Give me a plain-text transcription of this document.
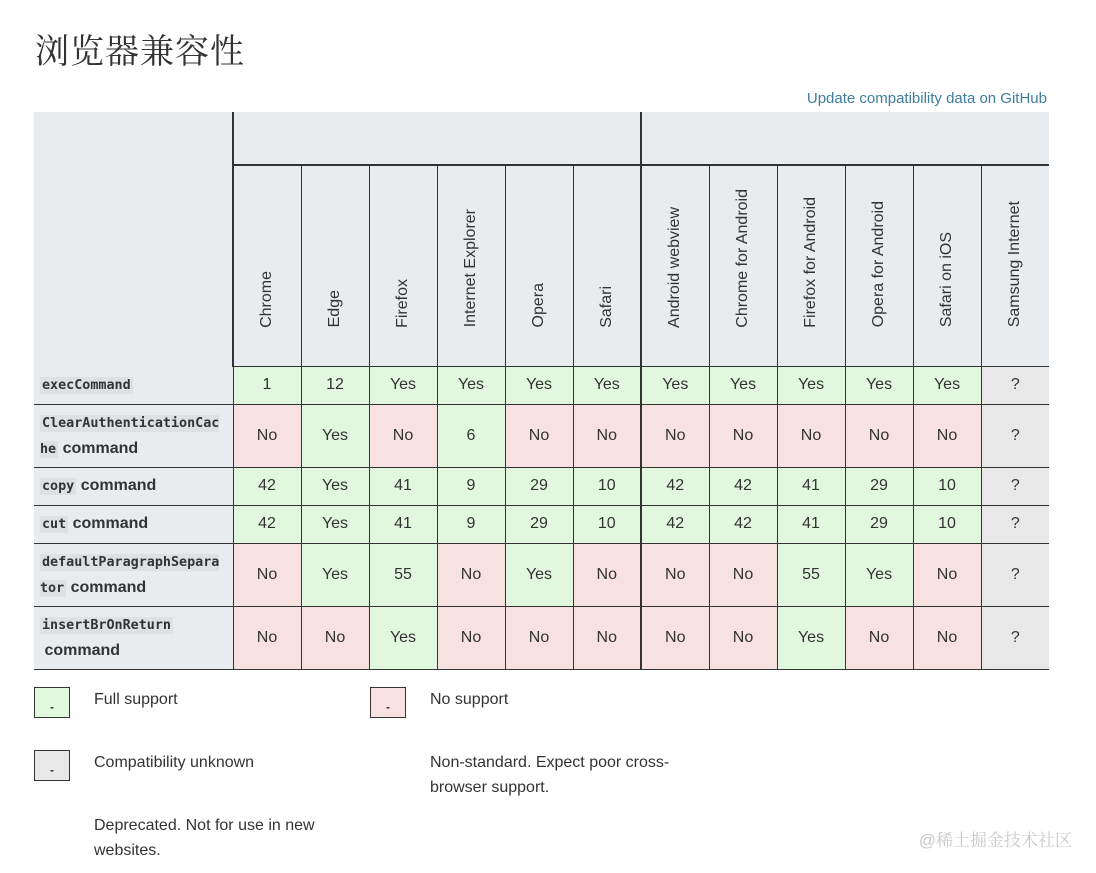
浏览器兼容性
Update compatibility data on GitHub

	Chrome	Edge	Firefox	Internet Explorer	Opera	Safari	Android webview	Chrome for Android	Firefox for Android	Opera for Android	Safari on iOS	Samsung Internet
execCommand	1	12	Yes	Yes	Yes	Yes	Yes	Yes	Yes	Yes	Yes	?
ClearAuthenticationCache command	No	Yes	No	6	No	No	No	No	No	No	No	?
copy command	42	Yes	41	9	29	10	42	42	41	29	10	?
cut command	42	Yes	41	9	29	10	42	42	41	29	10	?
defaultParagraphSeparator command	No	Yes	55	No	Yes	No	No	No	55	Yes	No	?
insertBrOnReturn command	No	No	Yes	No	No	No	No	No	Yes	No	No	?
-	Full support	-	No support
-	Compatibility unknown	Non-standard. Expect poor cross-browser support.
Deprecated. Not for use in new websites.
@稀土掘金技术社区
